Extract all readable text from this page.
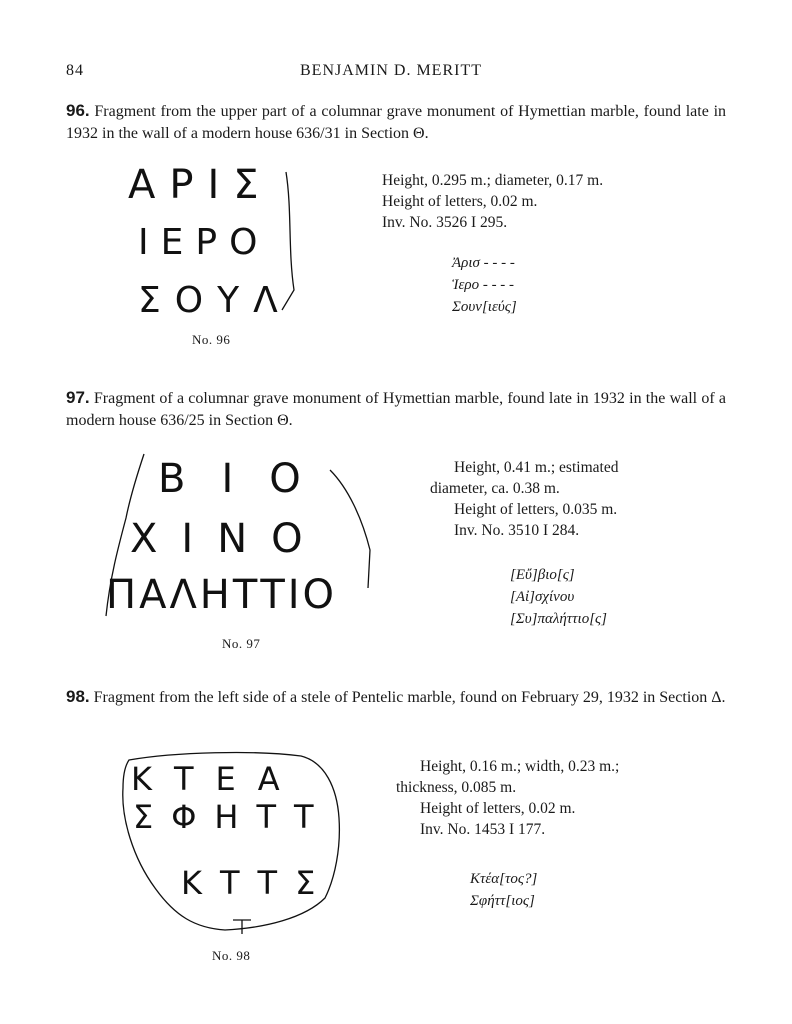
84	BENJAMIN D. MERITT
96. Fragment from the upper part of a columnar grave monument of Hymettian marble, found late in 1932 in the wall of a modern house 636/31 in Section Θ.
ΑΡΙΣ
ΙΕΡΟ
ΣΟΥΛ
No. 96
Height, 0.295 m.; diameter, 0.17 m.
Height of letters, 0.02 m.
Inv. No. 3526 I 295.
Ἀρισ - - - -
Ἱερο - - - -
Σουν[ιεύς]
97. Fragment of a columnar grave monument of Hymettian marble, found late in 1932 in the wall of a modern house 636/25 in Section Θ.
ΒΙΟ
ΧΙΝΟ
ΠΑΛΗΤΤΙΟ
No. 97
Height, 0.41 m.; estimated
diameter, ca. 0.38 m.
Height of letters, 0.035 m.
Inv. No. 3510 I 284.
[Εὔ]βιο[ς]
[Αἰ]σχίνου
[Συ]παλήττιο[ς]
98. Fragment from the left side of a stele of Pentelic marble, found on February 29, 1932 in Section Δ.
ΚΤΕΑ
ΣΦΗΤΤ
ΚΤΤΣ
No. 98
Height, 0.16 m.; width, 0.23 m.;
thickness, 0.085 m.
Height of letters, 0.02 m.
Inv. No. 1453 I 177.
Κτέα[τος?]
Σφήττ[ιος]
